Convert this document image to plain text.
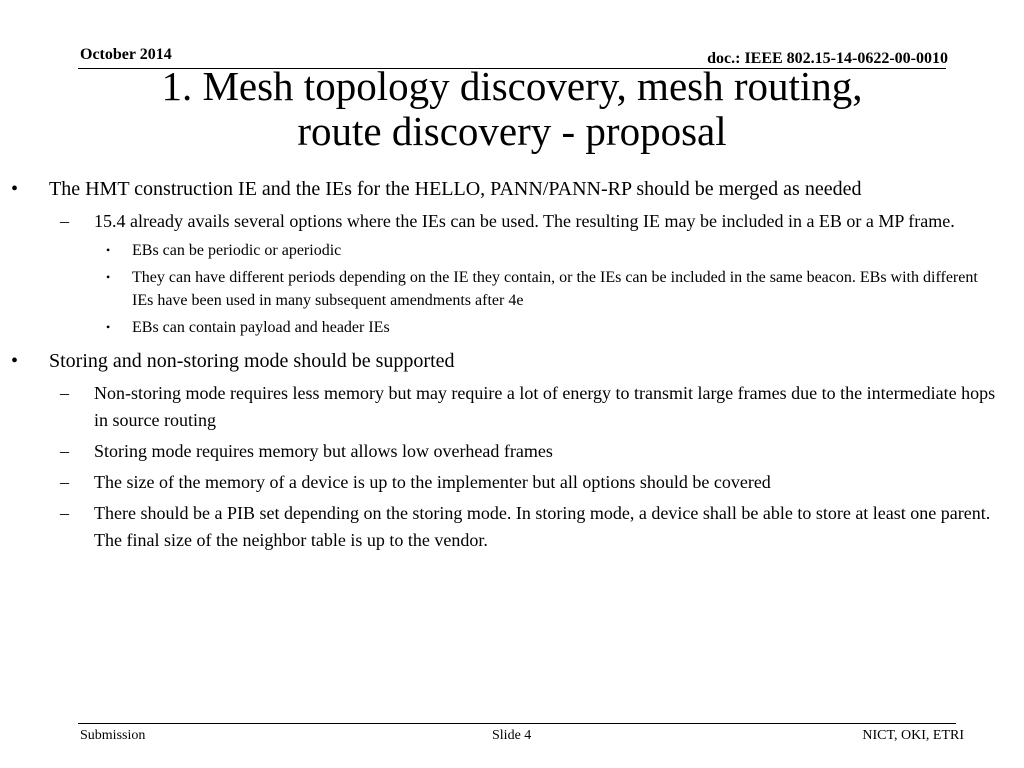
October 2014	doc.: IEEE 802.15-14-0622-00-0010
1. Mesh topology discovery, mesh routing,
route discovery - proposal
• The HMT construction IE and the IEs for the HELLO, PANN/PANN-RP should be merged as needed
– 15.4 already avails several options where the IEs can be used. The resulting IE may be included in a EB or a MP frame.
• EBs can be periodic or aperiodic
• They can have different periods depending on the IE they contain, or the IEs can be included in the same beacon. EBs with different IEs have been used in many subsequent amendments after 4e
• EBs can contain payload and header IEs
• Storing and non-storing mode should be supported
– Non-storing mode requires less memory but may require a lot of energy to transmit large frames due to the intermediate hops in source routing
– Storing mode requires memory but allows low overhead frames
– The size of the memory of a device is up to the implementer but all options should be covered
– There should be a PIB set depending on the storing mode. In storing mode, a device shall be able to store at least one parent. The final size of the neighbor table is up to the vendor.
Submission	Slide 4	NICT, OKI, ETRI
